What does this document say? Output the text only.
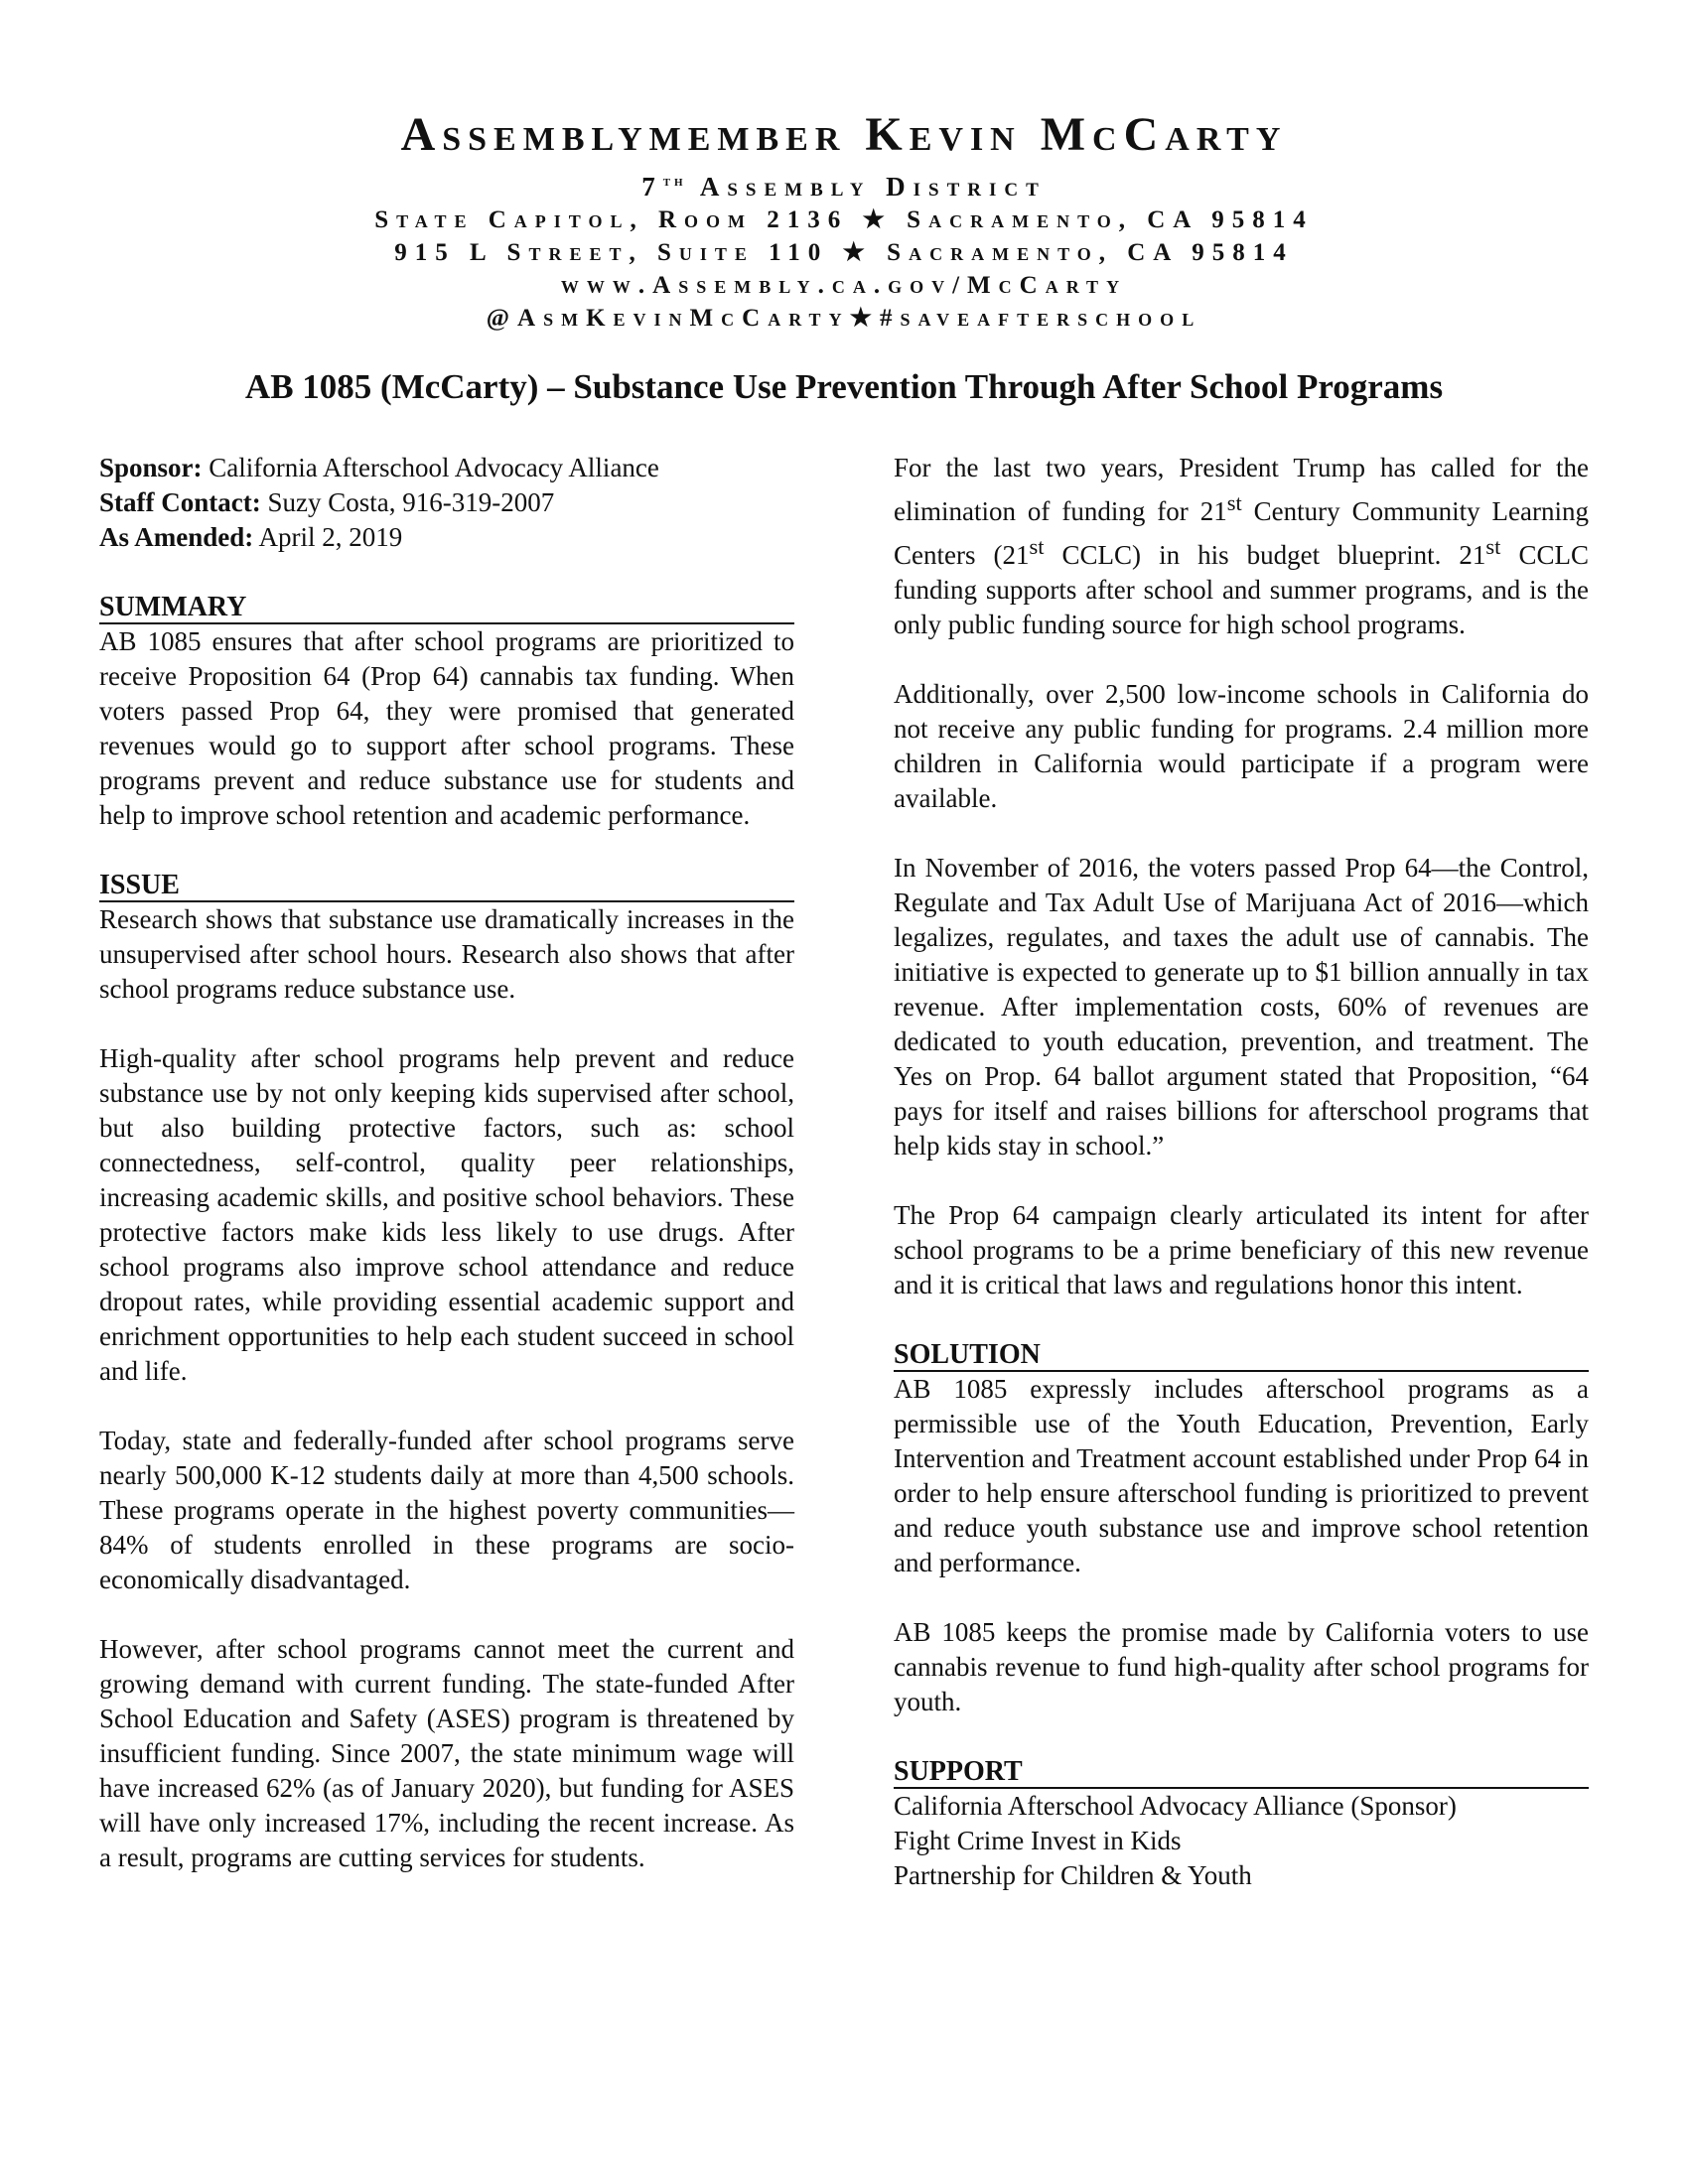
Assemblymember Kevin McCarty
7th Assembly District
State Capitol, Room 2136 ★ Sacramento, CA 95814
915 L Street, Suite 110 ★ Sacramento, CA 95814
www.Assembly.ca.gov/McCarty
@AsmKevinMcCarty★#saveafterschool
AB 1085 (McCarty) – Substance Use Prevention Through After School Programs
Sponsor: California Afterschool Advocacy Alliance
Staff Contact: Suzy Costa, 916-319-2007
As Amended: April 2, 2019
SUMMARY

AB 1085 ensures that after school programs are prioritized to receive Proposition 64 (Prop 64) cannabis tax funding. When voters passed Prop 64, they were promised that generated revenues would go to support after school programs. These programs prevent and reduce substance use for students and help to improve school retention and academic performance.

ISSUE

Research shows that substance use dramatically increases in the unsupervised after school hours. Research also shows that after school programs reduce substance use.

High-quality after school programs help prevent and reduce substance use by not only keeping kids supervised after school, but also building protective factors, such as: school connectedness, self-control, quality peer relationships, increasing academic skills, and positive school behaviors. These protective factors make kids less likely to use drugs. After school programs also improve school attendance and reduce dropout rates, while providing essential academic support and enrichment opportunities to help each student succeed in school and life.

Today, state and federally-funded after school programs serve nearly 500,000 K-12 students daily at more than 4,500 schools. These programs operate in the highest poverty communities—84% of students enrolled in these programs are socio-economically disadvantaged.

However, after school programs cannot meet the current and growing demand with current funding. The state-funded After School Education and Safety (ASES) program is threatened by insufficient funding. Since 2007, the state minimum wage will have increased 62% (as of January 2020), but funding for ASES will have only increased 17%, including the recent increase. As a result, programs are cutting services for students.

For the last two years, President Trump has called for the elimination of funding for 21st Century Community Learning Centers (21st CCLC) in his budget blueprint. 21st CCLC funding supports after school and summer programs, and is the only public funding source for high school programs.

Additionally, over 2,500 low-income schools in California do not receive any public funding for programs. 2.4 million more children in California would participate if a program were available.

In November of 2016, the voters passed Prop 64—the Control, Regulate and Tax Adult Use of Marijuana Act of 2016—which legalizes, regulates, and taxes the adult use of cannabis. The initiative is expected to generate up to $1 billion annually in tax revenue. After implementation costs, 60% of revenues are dedicated to youth education, prevention, and treatment. The Yes on Prop. 64 ballot argument stated that Proposition, “64 pays for itself and raises billions for afterschool programs that help kids stay in school.”

The Prop 64 campaign clearly articulated its intent for after school programs to be a prime beneficiary of this new revenue and it is critical that laws and regulations honor this intent.

SOLUTION

AB 1085 expressly includes afterschool programs as a permissible use of the Youth Education, Prevention, Early Intervention and Treatment account established under Prop 64 in order to help ensure afterschool funding is prioritized to prevent and reduce youth substance use and improve school retention and performance.

AB 1085 keeps the promise made by California voters to use cannabis revenue to fund high-quality after school programs for youth.

SUPPORT
California Afterschool Advocacy Alliance (Sponsor)
Fight Crime Invest in Kids
Partnership for Children & Youth
